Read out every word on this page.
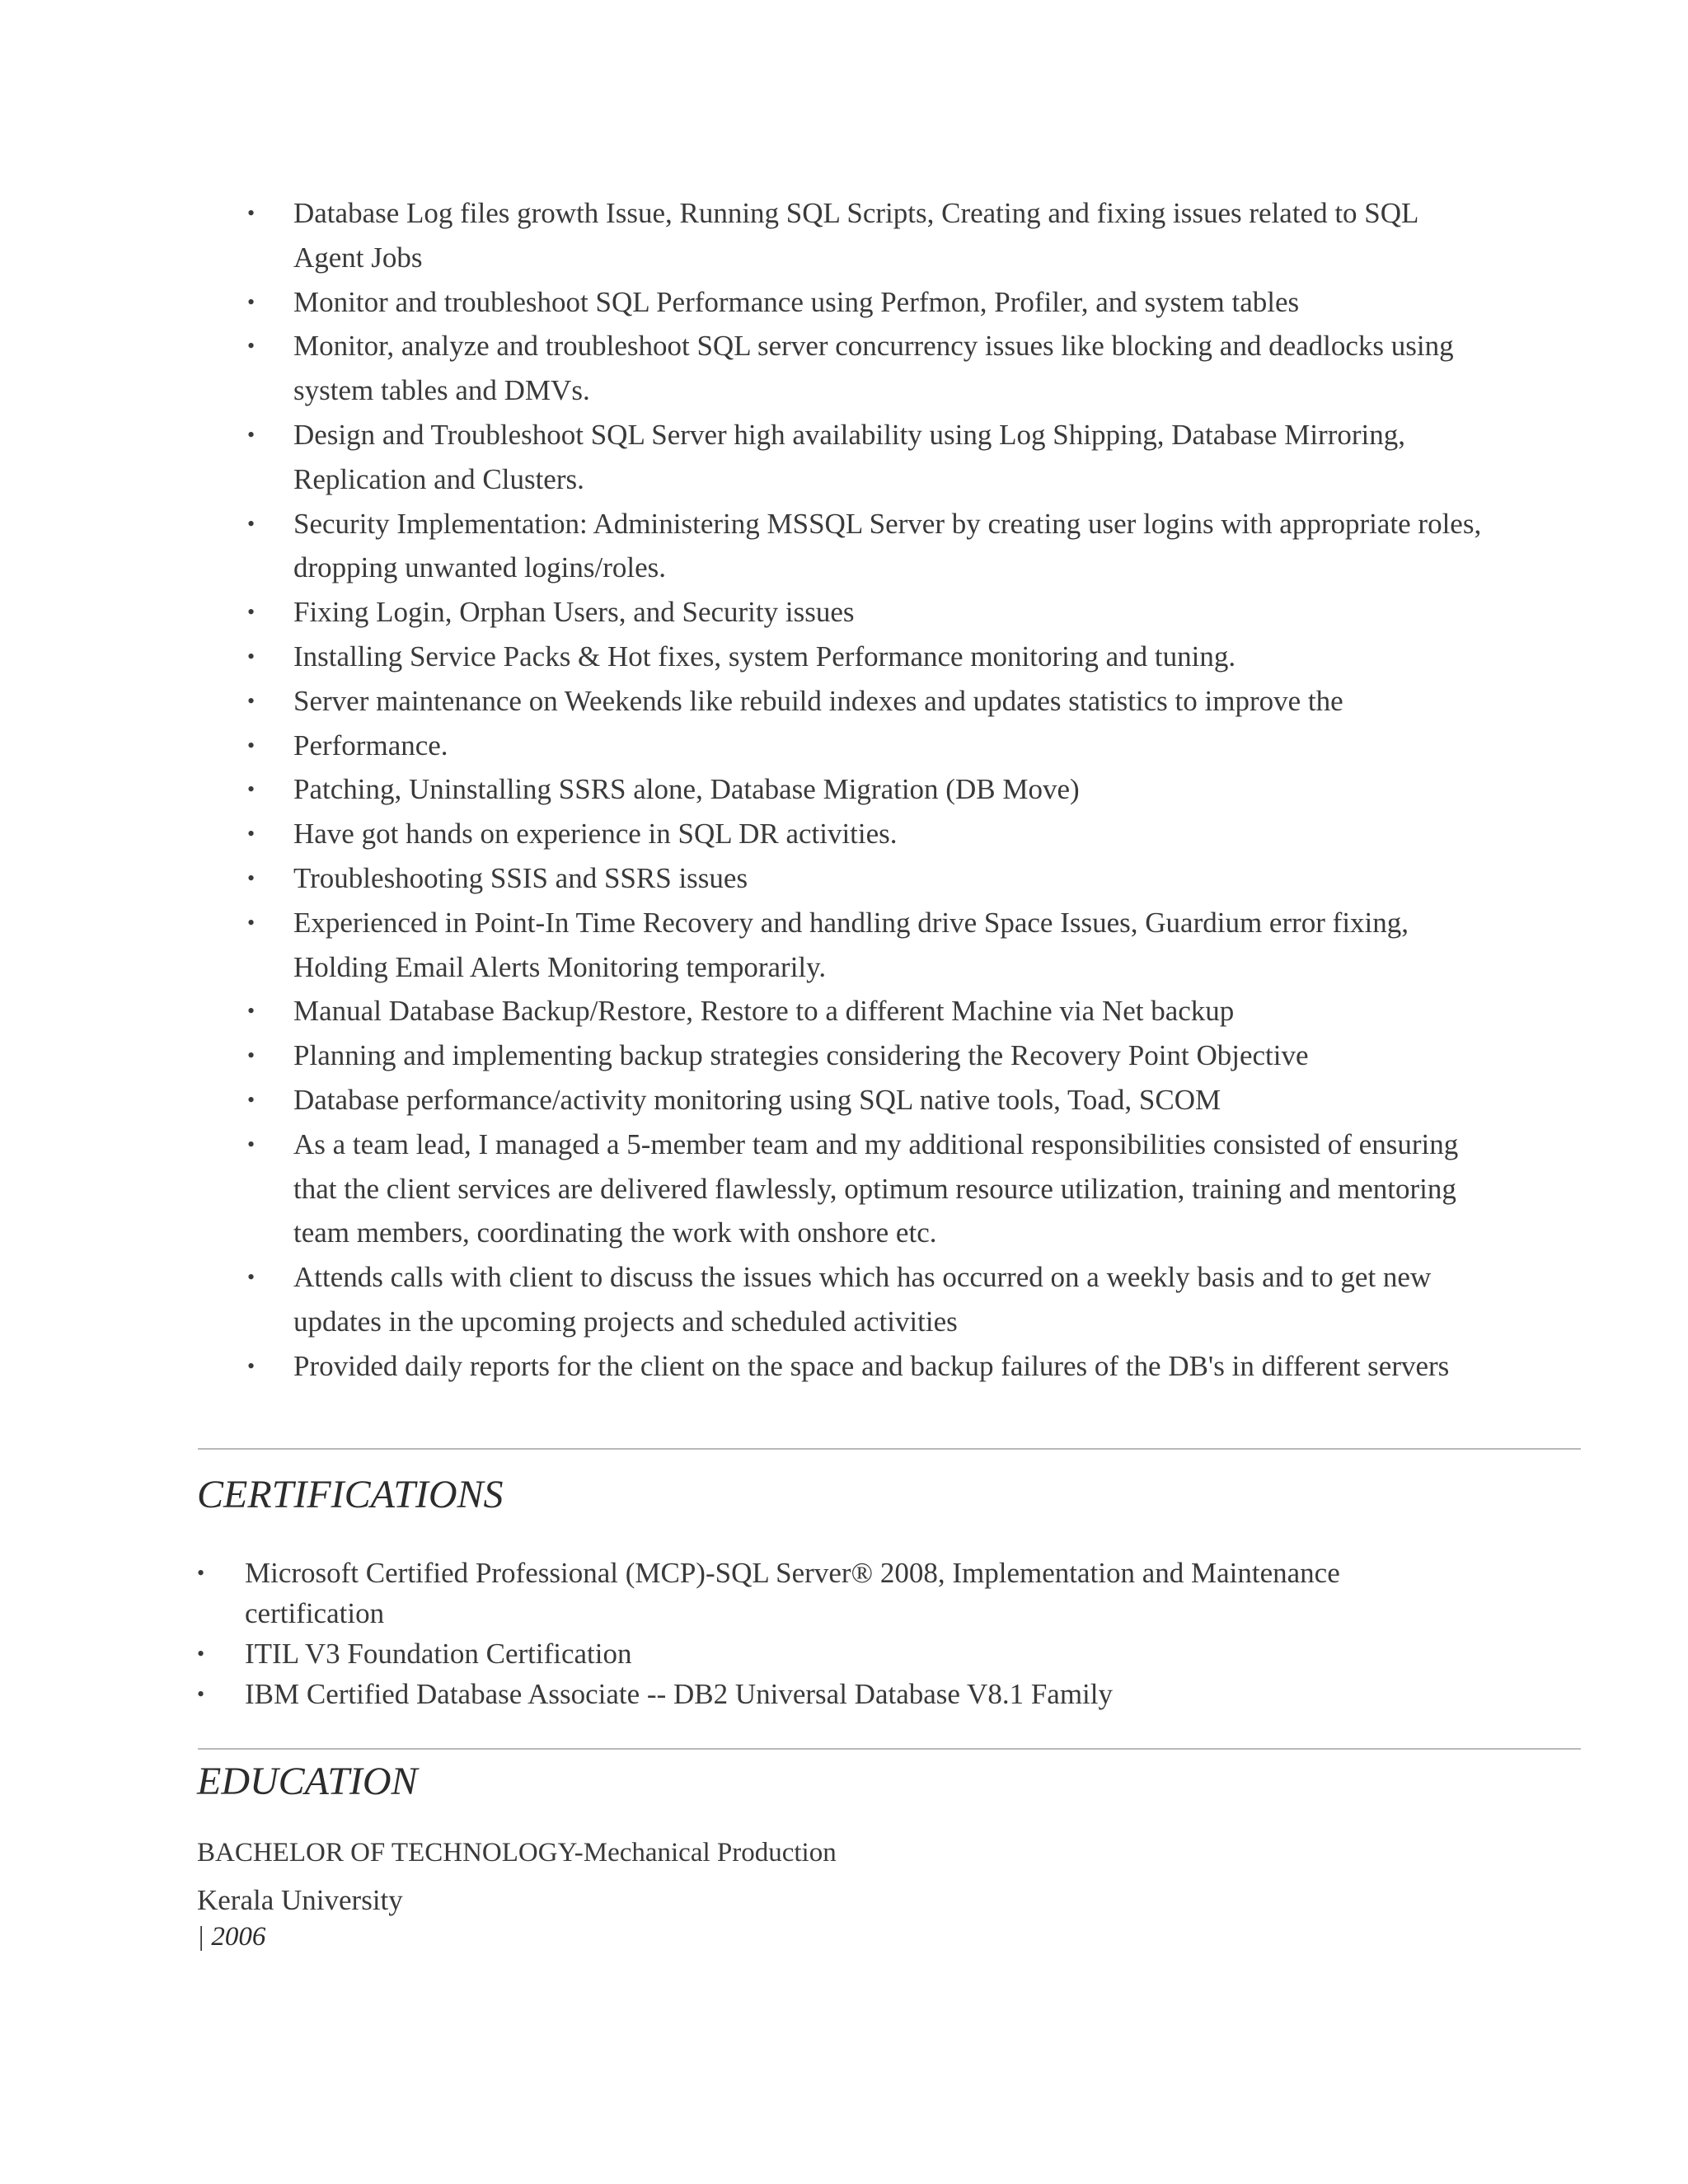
• Database Log files growth Issue, Running SQL Scripts, Creating and fixing issues related to SQL Agent Jobs
• Monitor and troubleshoot SQL Performance using Perfmon, Profiler, and system tables
• Monitor, analyze and troubleshoot SQL server concurrency issues like blocking and deadlocks using system tables and DMVs.
• Design and Troubleshoot SQL Server high availability using Log Shipping, Database Mirroring, Replication and Clusters.
• Security Implementation: Administering MSSQL Server by creating user logins with appropriate roles, dropping unwanted logins/roles.
• Fixing Login, Orphan Users, and Security issues
• Installing Service Packs & Hot fixes, system Performance monitoring and tuning.
• Server maintenance on Weekends like rebuild indexes and updates statistics to improve the
• Performance.
• Patching, Uninstalling SSRS alone, Database Migration (DB Move)
• Have got hands on experience in SQL DR activities.
• Troubleshooting SSIS and SSRS issues
• Experienced in Point-In Time Recovery and handling drive Space Issues, Guardium error fixing, Holding Email Alerts Monitoring temporarily.
• Manual Database Backup/Restore, Restore to a different Machine via Net backup
• Planning and implementing backup strategies considering the Recovery Point Objective
• Database performance/activity monitoring using SQL native tools, Toad, SCOM
• As a team lead, I managed a 5-member team and my additional responsibilities consisted of ensuring that the client services are delivered flawlessly, optimum resource utilization, training and mentoring team members, coordinating the work with onshore etc.
• Attends calls with client to discuss the issues which has occurred on a weekly basis and to get new updates in the upcoming projects and scheduled activities
• Provided daily reports for the client on the space and backup failures of the DB's in different servers
CERTIFICATIONS
• Microsoft Certified Professional (MCP)-SQL Server® 2008, Implementation and Maintenance certification
• ITIL V3 Foundation Certification
• IBM Certified Database Associate -- DB2 Universal Database V8.1 Family
EDUCATION

BACHELOR OF TECHNOLOGY-Mechanical Production

Kerala University

| 2006
